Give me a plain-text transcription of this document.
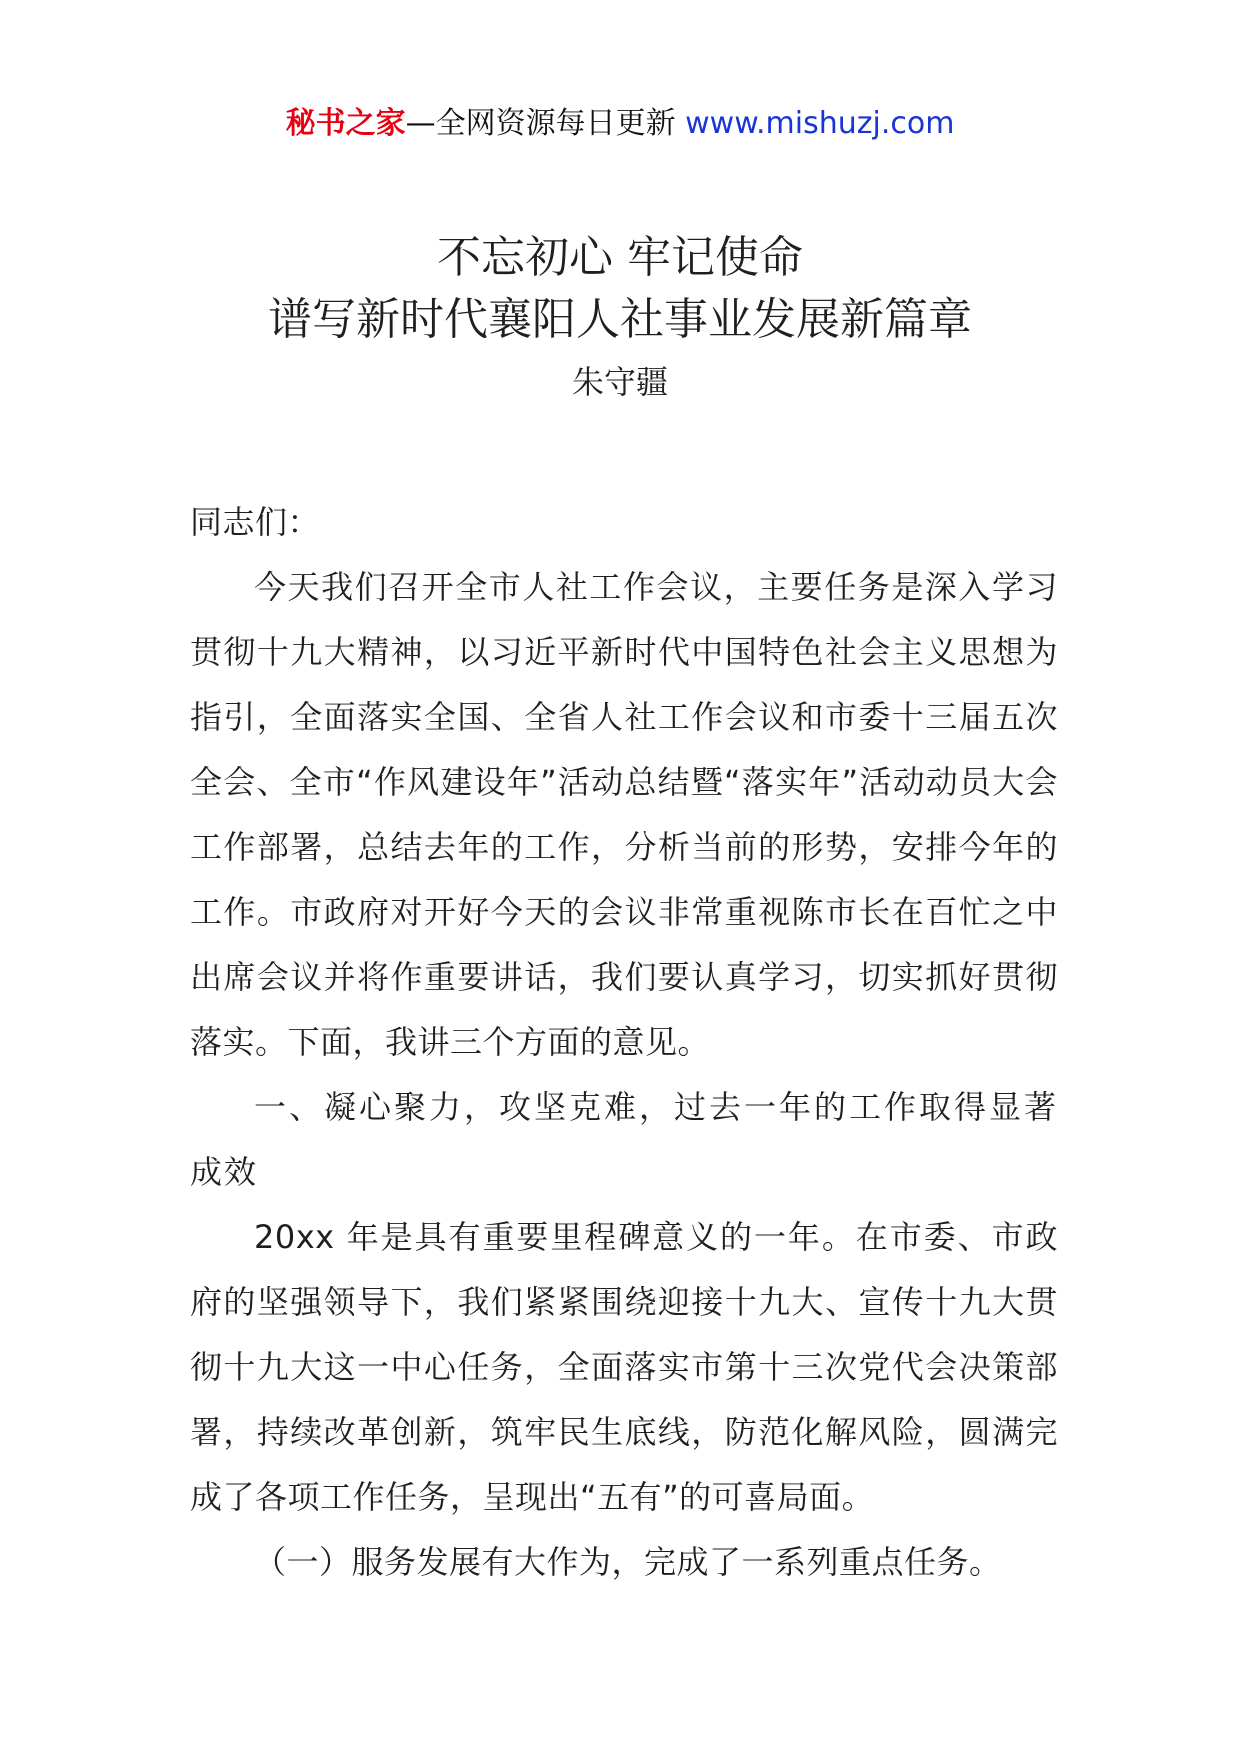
秘书之家—全网资源每日更新 www.mishuzj.com
不忘初心 牢记使命
谱写新时代襄阳人社事业发展新篇章
朱守疆

同志们：

今天我们召开全市人社工作会议，主要任务是深入学习贯彻十九大精神，以习近平新时代中国特色社会主义思想为指引，全面落实全国、全省人社工作会议和市委十三届五次全会、全市“作风建设年”活动总结暨“落实年”活动动员大会工作部署，总结去年的工作，分析当前的形势，安排今年的工作。市政府对开好今天的会议非常重视陈市长在百忙之中出席会议并将作重要讲话，我们要认真学习，切实抓好贯彻落实。下面，我讲三个方面的意见。

一、凝心聚力，攻坚克难，过去一年的工作取得显著成效

20xx 年是具有重要里程碑意义的一年。在市委、市政府的坚强领导下，我们紧紧围绕迎接十九大、宣传十九大贯彻十九大这一中心任务，全面落实市第十三次党代会决策部署，持续改革创新，筑牢民生底线，防范化解风险，圆满完成了各项工作任务，呈现出“五有”的可喜局面。

（一）服务发展有大作为，完成了一系列重点任务。
